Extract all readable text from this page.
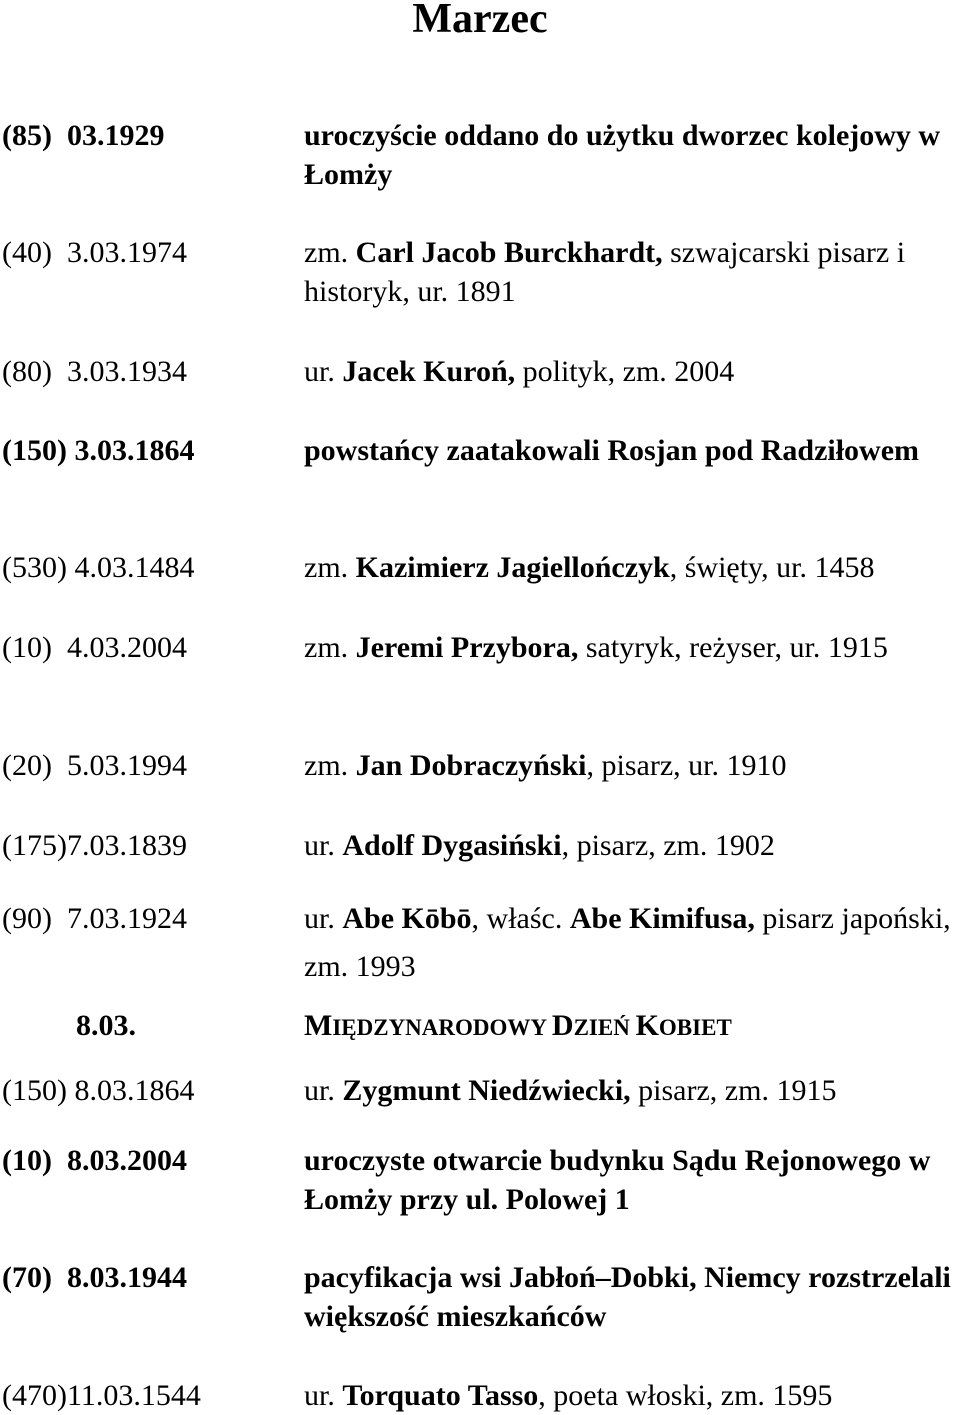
Marzec
(85)  03.1929	uroczyście oddano do użytku dworzec kolejowy w Łomży
(40)  3.03.1974	zm. Carl Jacob Burckhardt, szwajcarski pisarz i historyk, ur. 1891
(80)  3.03.1934	ur. Jacek Kuroń, polityk, zm. 2004
(150) 3.03.1864	powstańcy zaatakowali Rosjan pod Radziłowem
(530) 4.03.1484	zm. Kazimierz Jagiellończyk, święty, ur. 1458
(10)  4.03.2004	zm. Jeremi Przybora, satyryk, reżyser, ur. 1915
(20)  5.03.1994	zm. Jan Dobraczyński, pisarz, ur. 1910
(175)7.03.1839	ur. Adolf Dygasiński, pisarz, zm. 1902
(90)  7.03.1924	ur. Abe Kōbō, właśc. Abe Kimifusa, pisarz japoński, zm. 1993
8.03.	MIĘDZYNARODOWY DZIEŃ KOBIET
(150) 8.03.1864	ur. Zygmunt Niedźwiecki, pisarz, zm. 1915
(10)  8.03.2004	uroczyste otwarcie budynku Sądu Rejonowego w Łomży przy ul. Polowej 1
(70)  8.03.1944	pacyfikacja wsi Jabłoń–Dobki, Niemcy rozstrzelali większość mieszkańców
(470)11.03.1544	ur. Torquato Tasso, poeta włoski, zm. 1595
